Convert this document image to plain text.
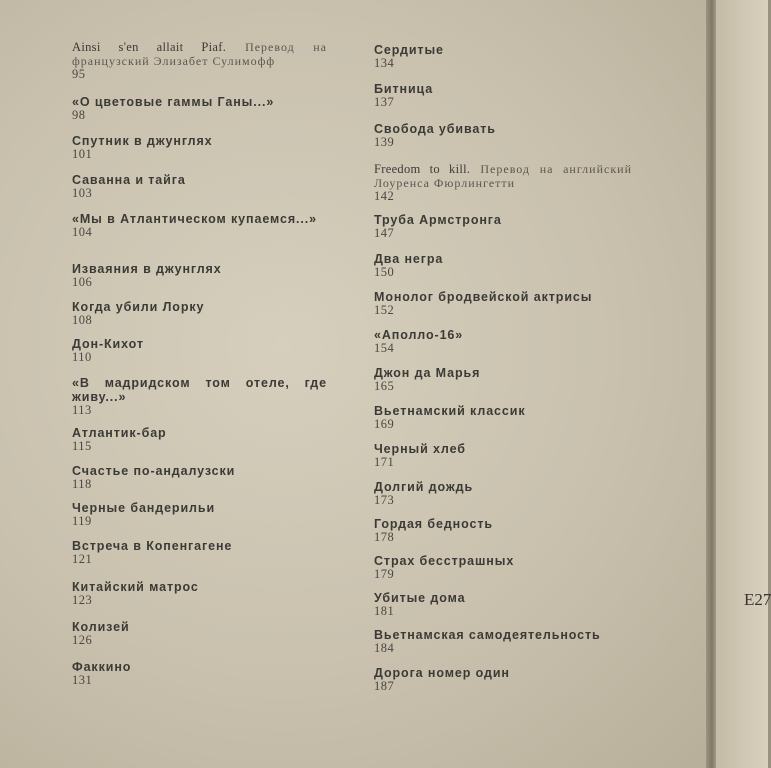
Ainsi s'en allait Piaf. Перевод на французский Элизабет Сулимофф
95
«О цветовые гаммы Ганы...»
98
Спутник в джунглях
101
Саванна и тайга
103
«Мы в Атлантическом купаемся...»
104
Изваяния в джунглях
106
Когда убили Лорку
108
Дон-Кихот
110
«В мадридском том отеле, где живу...»
113
Атлантик-бар
115
Счастье по-андалузски
118
Черные бандерильи
119
Встреча в Копенгагене
121
Китайский матрос
123
Колизей
126
Факкино
131
Сердитые
134
Битница
137
Свобода убивать
139
Freedom to kill. Перевод на английский Лоуренса Фюрлингетти
142
Труба Армстронга
147
Два негра
150
Монолог бродвейской актрисы
152
«Аполло-16»
154
Джон да Марья
165
Вьетнамский классик
169
Черный хлеб
171
Долгий дождь
173
Гордая бедность
178
Страх бесстрашных
179
Убитые дома
181
Вьетнамская самодеятельность
184
Дорога номер один
187
E27
